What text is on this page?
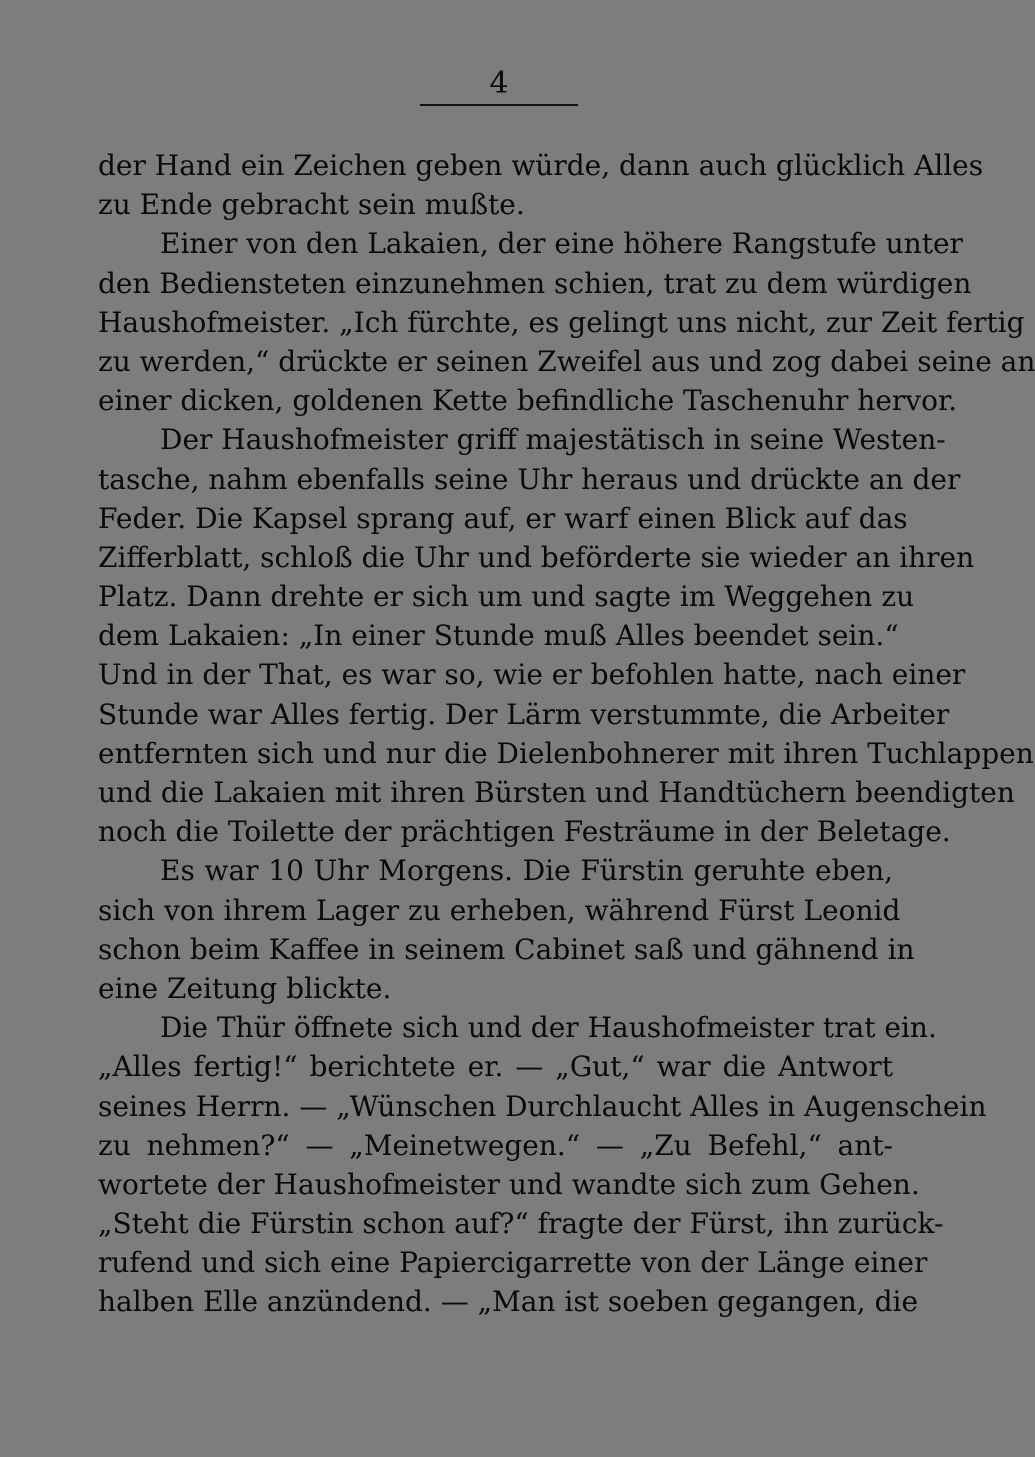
4
der Hand ein Zeichen geben würde, dann auch glücklich Alles
zu Ende gebracht sein mußte.
Einer von den Lakaien, der eine höhere Rangstufe unter
den Bediensteten einzunehmen schien, trat zu dem würdigen
Haushofmeister. „Ich fürchte, es gelingt uns nicht, zur Zeit fertig
zu werden,“ drückte er seinen Zweifel aus und zog dabei seine an
einer dicken, goldenen Kette befindliche Taschenuhr hervor.
Der Haushofmeister griff majestätisch in seine Westen-
tasche, nahm ebenfalls seine Uhr heraus und drückte an der
Feder. Die Kapsel sprang auf, er warf einen Blick auf das
Zifferblatt, schloß die Uhr und beförderte sie wieder an ihren
Platz. Dann drehte er sich um und sagte im Weggehen zu
dem Lakaien: „In einer Stunde muß Alles beendet sein.“
Und in der That, es war so, wie er befohlen hatte, nach einer
Stunde war Alles fertig. Der Lärm verstummte, die Arbeiter
entfernten sich und nur die Dielenbohnerer mit ihren Tuchlappen
und die Lakaien mit ihren Bürsten und Handtüchern beendigten
noch die Toilette der prächtigen Festräume in der Beletage.
Es war 10 Uhr Morgens. Die Fürstin geruhte eben,
sich von ihrem Lager zu erheben, während Fürst Leonid
schon beim Kaffee in seinem Cabinet saß und gähnend in
eine Zeitung blickte.
Die Thür öffnete sich und der Haushofmeister trat ein.
„Alles fertig!“ berichtete er. — „Gut,“ war die Antwort
seines Herrn. — „Wünschen Durchlaucht Alles in Augenschein
zu nehmen?“ — „Meinetwegen.“ — „Zu Befehl,“ ant-
wortete der Haushofmeister und wandte sich zum Gehen.
„Steht die Fürstin schon auf?“ fragte der Fürst, ihn zurück-
rufend und sich eine Papiercigarrette von der Länge einer
halben Elle anzündend. — „Man ist soeben gegangen, die
